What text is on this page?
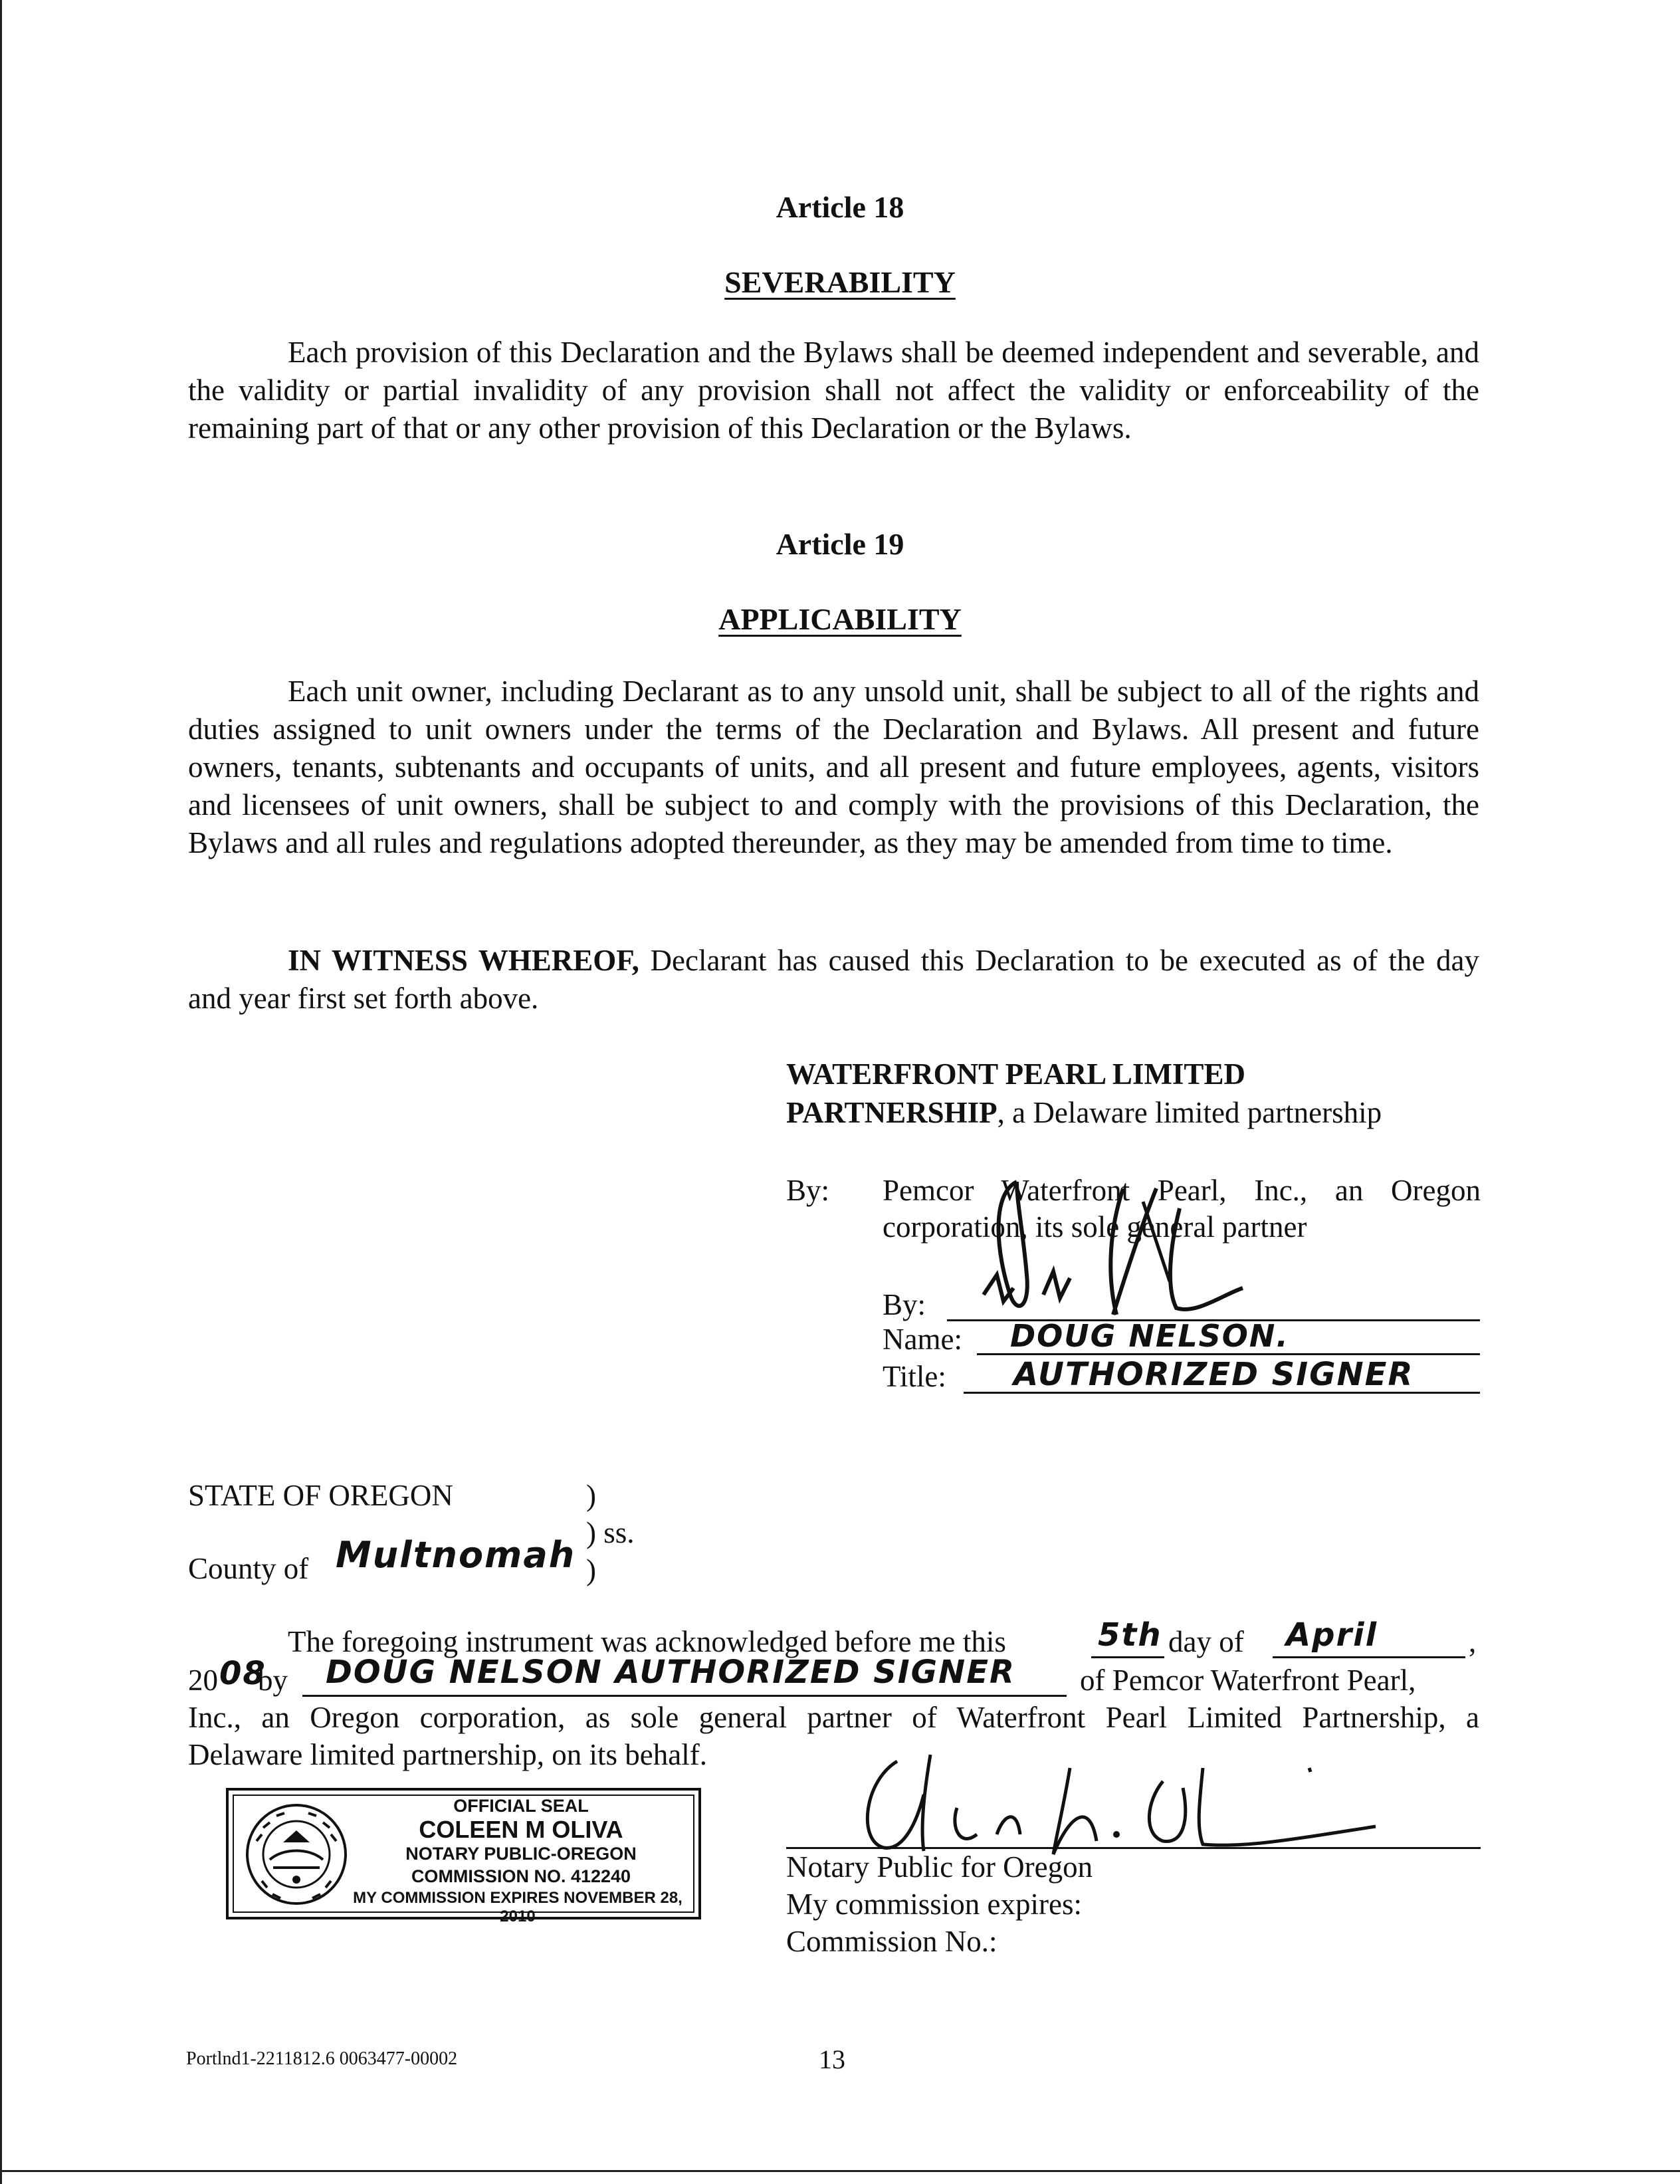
Article 18
SEVERABILITY
Each provision of this Declaration and the Bylaws shall be deemed independent and severable, and the validity or partial invalidity of any provision shall not affect the validity or enforceability of the remaining part of that or any other provision of this Declaration or the Bylaws.
Article 19
APPLICABILITY
Each unit owner, including Declarant as to any unsold unit, shall be subject to all of the rights and duties assigned to unit owners under the terms of the Declaration and Bylaws. All present and future owners, tenants, subtenants and occupants of units, and all present and future employees, agents, visitors and licensees of unit owners, shall be subject to and comply with the provisions of this Declaration, the Bylaws and all rules and regulations adopted thereunder, as they may be amended from time to time.
IN WITNESS WHEREOF, Declarant has caused this Declaration to be executed as of the day and year first set forth above.
WATERFRONT PEARL LIMITED
PARTNERSHIP, a Delaware limited partnership
By: Pemcor Waterfront Pearl, Inc., an Oregon
corporation, its sole general partner
By:
Name: DOUG NELSON.
Title: AUTHORIZED SIGNER
STATE OF OREGON	)
) ss.
County of Multnomah )
The foregoing instrument was acknowledged before me this	5th day of April	,
20 08
by DOUG NELSON AUTHORIZED SIGNER of Pemcor Waterfront Pearl,
Inc., an Oregon corporation, as sole general partner of Waterfront Pearl Limited Partnership, a
Delaware limited partnership, on its behalf.
Notary Public for Oregon
My commission expires:
Commission No.:
OFFICIAL SEAL
COLEEN M OLIVA
NOTARY PUBLIC-OREGON
COMMISSION NO. 412240
MY COMMISSION EXPIRES NOVEMBER 28, 2010
Portlnd1-2211812.6 0063477-00002	13
